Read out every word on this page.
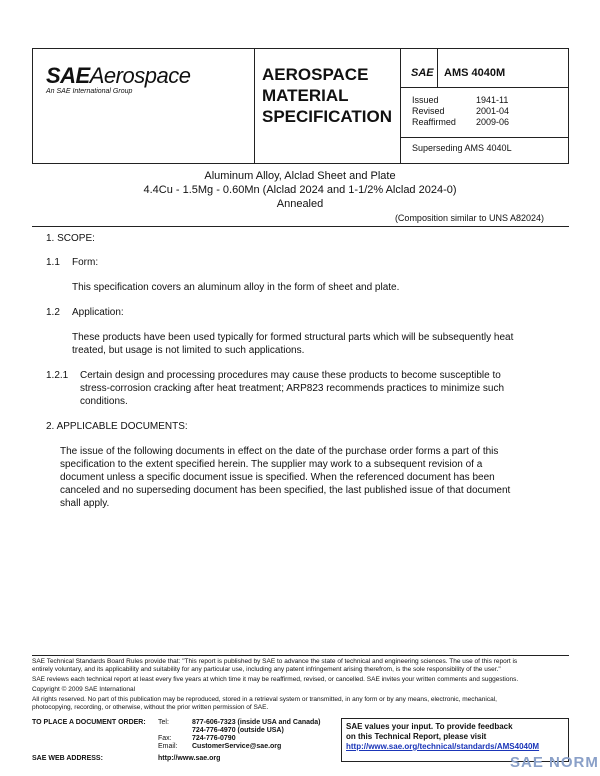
SAEAerospace
An SAE International Group
AEROSPACE
MATERIAL
SPECIFICATION
SAE AMS 4040M
Issued	1941-11
Revised	2001-04
Reaffirmed	2009-06
Superseding AMS 4040L
Aluminum Alloy, Alclad Sheet and Plate
4.4Cu - 1.5Mg - 0.60Mn (Alclad 2024 and 1-1/2% Alclad 2024-0)
Annealed
(Composition similar to UNS A82024)
1. SCOPE:
1.1 Form:
This specification covers an aluminum alloy in the form of sheet and plate.
1.2 Application:
These products have been used typically for formed structural parts which will be subsequently heat
treated, but usage is not limited to such applications.
1.2.1 Certain design and processing procedures may cause these products to become susceptible to
stress-corrosion cracking after heat treatment; ARP823 recommends practices to minimize such
conditions.
2. APPLICABLE DOCUMENTS:
The issue of the following documents in effect on the date of the purchase order forms a part of this
specification to the extent specified herein. The supplier may work to a subsequent revision of a
document unless a specific document issue is specified. When the referenced document has been
canceled and no superseding document has been specified, the last published issue of that document
shall apply.
SAE Technical Standards Board Rules provide that: "This report is published by SAE to advance the state of technical and engineering sciences. The use of this report is
entirely voluntary, and its applicability and suitability for any particular use, including any patent infringement arising therefrom, is the sole responsibility of the user."
SAE reviews each technical report at least every five years at which time it may be reaffirmed, revised, or cancelled. SAE invites your written comments and suggestions.
Copyright © 2009 SAE International
All rights reserved. No part of this publication may be reproduced, stored in a retrieval system or transmitted, in any form or by any means, electronic, mechanical,
photocopying, recording, or otherwise, without the prior written permission of SAE.
TO PLACE A DOCUMENT ORDER: Tel:	877-606-7323 (inside USA and Canada)
724-776-4970 (outside USA)
Fax:	724-776-0790
Email: CustomerService@sae.org
SAE WEB ADDRESS:	http://www.sae.org
SAE values your input. To provide feedback
on this Technical Report, please visit
http://www.sae.org/technical/standards/AMS4040M
SAE NORM
